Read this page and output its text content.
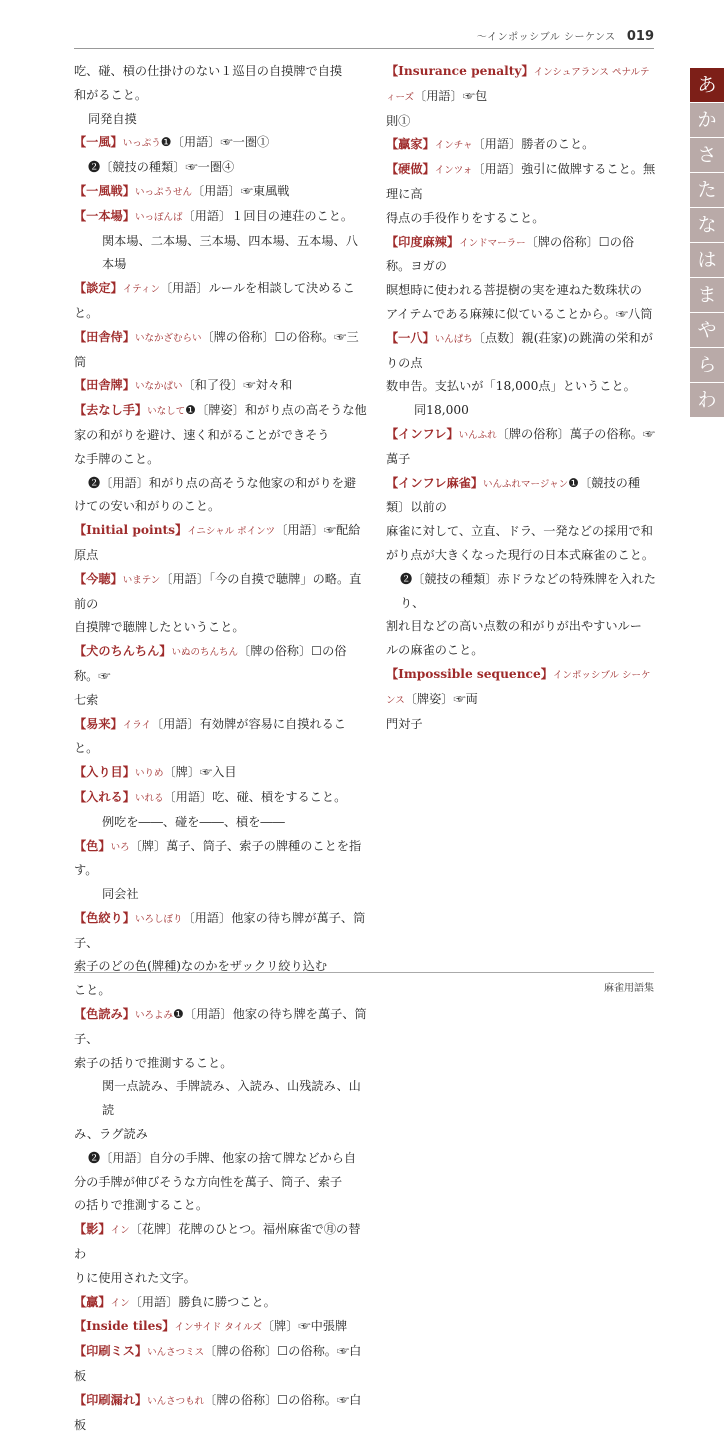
〜インポッシブル シーケンス 019

吃、碰、槓の仕掛けのない１巡目の自摸牌で自摸

和がること。

同発自摸

【一風】いっぷう❶〔用語〕☞一圏①

❷〔競技の種類〕☞一圏④

【一風戦】いっぷうせん〔用語〕☞東風戦

【一本場】いっぽんば〔用語〕１回目の連荘のこと。

関本場、二本場、三本場、四本場、五本場、八本場

【談定】イティン〔用語〕ルールを相談して決めること。

【田舎侍】いなかざむらい〔牌の俗称〕☐の俗称。☞三筒

【田舎牌】いなかぱい〔和了役〕☞対々和

【去なし手】いなして❶〔牌姿〕和がり点の高そうな他

家の和がりを避け、速く和がることができそう

な手牌のこと。

❷〔用語〕和がり点の高そうな他家の和がりを避

けての安い和がりのこと。

【Initial points】イニシャル ポインツ〔用語〕☞配給原点

【今聴】いまテン〔用語〕「今の自摸で聴牌」の略。直前の

自摸牌で聴牌したということ。

【犬のちんちん】いぬのちんちん〔牌の俗称〕☐の俗称。☞

七索

【易来】イライ〔用語〕有効牌が容易に自摸れること。

【入り目】いりめ〔牌〕☞入目

【入れる】いれる〔用語〕吃、碰、槓をすること。

例吃を――、碰を――、槓を――

【色】いろ〔牌〕萬子、筒子、索子の牌種のことを指す。

同会社

【色絞り】いろしぼり〔用語〕他家の待ち牌が萬子、筒子、

索子のどの色(牌種)なのかをザックリ絞り込む

こと。

【色読み】いろよみ❶〔用語〕他家の待ち牌を萬子、筒子、

索子の括りで推測すること。

関一点読み、手牌読み、入読み、山残読み、山読

み、ラグ読み

❷〔用語〕自分の手牌、他家の捨て牌などから自

分の手牌が伸びそうな方向性を萬子、筒子、索子

の括りで推測すること。

【影】イン〔花牌〕花牌のひとつ。福州麻雀で㊊の替わ

りに使用された文字。

【贏】イン〔用語〕勝負に勝つこと。

【Inside tiles】インサイド タイルズ〔牌〕☞中張牌

【印刷ミス】いんさつミス〔牌の俗称〕☐の俗称。☞白板

【印刷漏れ】いんさつもれ〔牌の俗称〕☐の俗称。☞白板

【Insurance penalty】インシュアランス ペナルティーズ〔用語〕☞包

則①

【贏家】インチャ〔用語〕勝者のこと。

【硬做】インツォ〔用語〕強引に做牌すること。無理に高

得点の手役作りをすること。

【印度麻辣】インドマーラー〔牌の俗称〕☐の俗称。ヨガの

瞑想時に使われる菩提樹の実を連ねた数珠状の

アイテムである麻辣に似ていることから。☞八筒

【一八】いんぱち〔点数〕親(荘家)の跳満の栄和がりの点

数申告。支払いが「18,000点」ということ。

同18,000

【インフレ】いんふれ〔牌の俗称〕萬子の俗称。☞萬子

【インフレ麻雀】いんふれマージャン❶〔競技の種類〕以前の

麻雀に対して、立直、ドラ、一発などの採用で和

がり点が大きくなった現行の日本式麻雀のこと。

❷〔競技の種類〕赤ドラなどの特殊牌を入れたり、

割れ目などの高い点数の和がりが出やすいルー

ルの麻雀のこと。

【Impossible sequence】インポッシブル シーケンス〔牌姿〕☞両

門対子

あ
か
さ
た
な
は
ま
や
ら
わ
麻雀用語集
